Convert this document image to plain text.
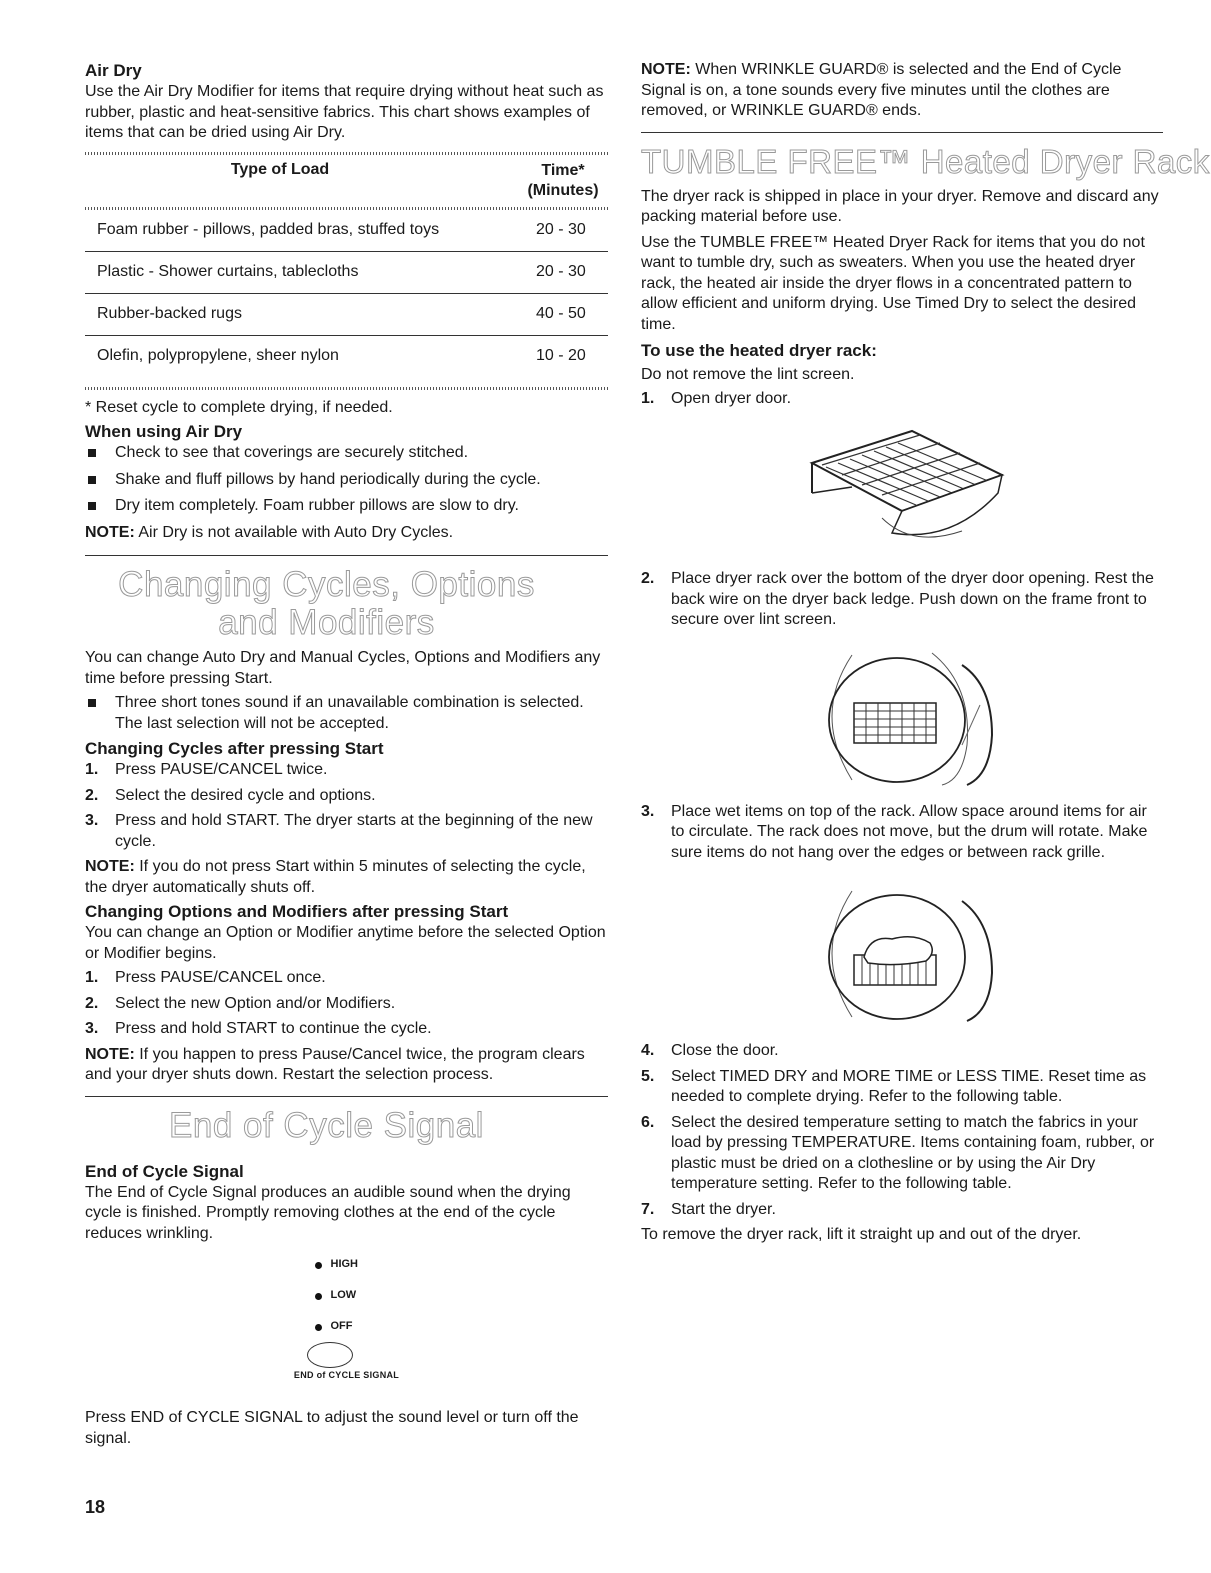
Air Dry

Use the Air Dry Modifier for items that require drying without heat such as rubber, plastic and heat-sensitive fabrics. This chart shows examples of items that can be dried using Air Dry.

Type of Load	Time* (Minutes)
Foam rubber - pillows, padded bras, stuffed toys	20 - 30
Plastic - Shower curtains, tablecloths	20 - 30
Rubber-backed rugs	40 - 50
Olefin, polypropylene, sheer nylon	10 - 20

* Reset cycle to complete drying, if needed.

When using Air Dry
Check to see that coverings are securely stitched.
Shake and fluff pillows by hand periodically during the cycle.
Dry item completely. Foam rubber pillows are slow to dry.

NOTE: Air Dry is not available with Auto Dry Cycles.

Changing Cycles, Options
and Modifiers

You can change Auto Dry and Manual Cycles, Options and Modifiers any time before pressing Start.

Three short tones sound if an unavailable combination is selected. The last selection will not be accepted.
Changing Cycles after pressing Start
1. Press PAUSE/CANCEL twice.
2. Select the desired cycle and options.
3. Press and hold START. The dryer starts at the beginning of the new cycle.

NOTE: If you do not press Start within 5 minutes of selecting the cycle, the dryer automatically shuts off.

Changing Options and Modifiers after pressing Start

You can change an Option or Modifier anytime before the selected Option or Modifier begins.

1. Press PAUSE/CANCEL once.
2. Select the new Option and/or Modifiers.
3. Press and hold START to continue the cycle.

NOTE: If you happen to press Pause/Cancel twice, the program clears and your dryer shuts down. Restart the selection process.

End of Cycle Signal
End of Cycle Signal

The End of Cycle Signal produces an audible sound when the drying cycle is finished. Promptly removing clothes at the end of the cycle reduces wrinkling.

HIGH
LOW
OFF
END of CYCLE SIGNAL

Press END of CYCLE SIGNAL to adjust the sound level or turn off the signal.

18

NOTE: When WRINKLE GUARD® is selected and the End of Cycle Signal is on, a tone sounds every five minutes until the clothes are removed, or WRINKLE GUARD® ends.

TUMBLE FREE™ Heated Dryer Rack

The dryer rack is shipped in place in your dryer. Remove and discard any packing material before use.

Use the TUMBLE FREE™ Heated Dryer Rack for items that you do not want to tumble dry, such as sweaters. When you use the heated dryer rack, the heated air inside the dryer flows in a concentrated pattern to allow efficient and uniform drying. Use Timed Dry to select the desired time.

To use the heated dryer rack:

Do not remove the lint screen.

1. Open dryer door.
2. Place dryer rack over the bottom of the dryer door opening. Rest the back wire on the dryer back ledge. Push down on the frame front to secure over lint screen.
3. Place wet items on top of the rack. Allow space around items for air to circulate. The rack does not move, but the drum will rotate. Make sure items do not hang over the edges or between rack grille.
4. Close the door.
5. Select TIMED DRY and MORE TIME or LESS TIME. Reset time as needed to complete drying. Refer to the following table.
6. Select the desired temperature setting to match the fabrics in your load by pressing TEMPERATURE. Items containing foam, rubber, or plastic must be dried on a clothesline or by using the Air Dry temperature setting. Refer to the following table.
7. Start the dryer.

To remove the dryer rack, lift it straight up and out of the dryer.
